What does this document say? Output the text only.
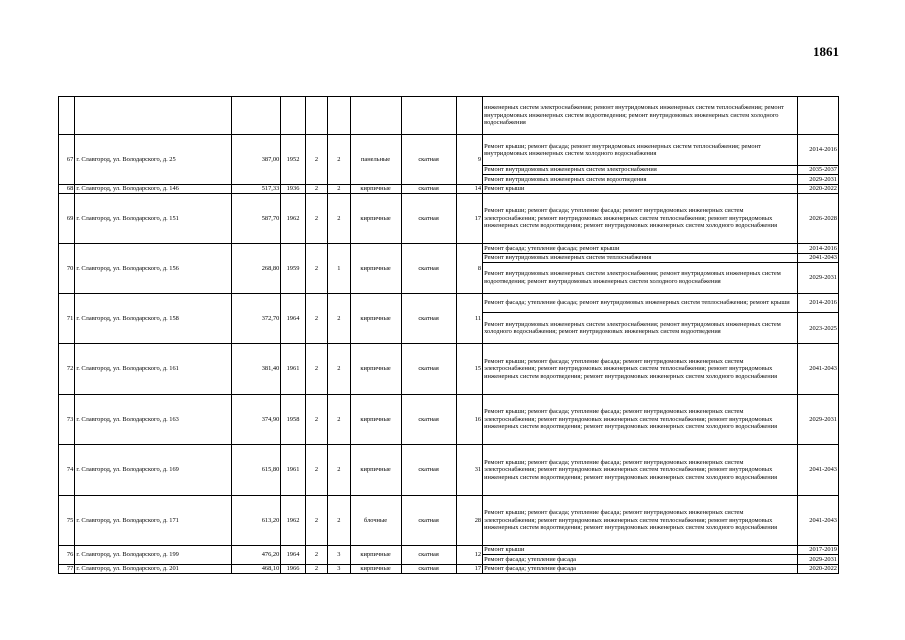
1861
									инженерных систем электроснабжения; ремонт внутридомовых инженерных систем теплоснабжения; ремонт внутридомовых инженерных систем водоотведения; ремонт внутридомовых инженерных систем холодного водоснабжения	
67	г. Славгород, ул. Володарского, д. 25	387,00	1952	2	2	панельные	скатная	9	Ремонт крыши; ремонт фасада; ремонт внутридомовых инженерных систем теплоснабжения; ремонт внутридомовых инженерных систем холодного водоснабжения	2014-2016
									Ремонт внутридомовых инженерных систем электроснабжения	2035-2037
									Ремонт внутридомовых инженерных систем водоотведения	2029-2031
68	г. Славгород, ул. Володарского, д. 146	517,33	1936	2	2	кирпичные	скатная	14	Ремонт крыши	2020-2022
69	г. Славгород, ул. Володарского, д. 151	587,70	1962	2	2	кирпичные	скатная	17	Ремонт крыши; ремонт фасада; утепление фасада; ремонт внутридомовых инженерных систем электроснабжения; ремонт внутридомовых инженерных систем теплоснабжения; ремонт внутридомовых инженерных систем водоотведения; ремонт внутридомовых инженерных систем холодного водоснабжения	2026-2028
70	г. Славгород, ул. Володарского, д. 156	268,80	1959	2	1	кирпичные	скатная	8	Ремонт фасада; утепление фасада; ремонт крыши	2014-2016
									Ремонт внутридомовых инженерных систем теплоснабжения	2041-2043
									Ремонт внутридомовых инженерных систем электроснабжения; ремонт внутридомовых инженерных систем водоотведения; ремонт внутридомовых инженерных систем холодного водоснабжения	2029-2031
71	г. Славгород, ул. Володарского, д. 158	372,70	1964	2	2	кирпичные	скатная	11	Ремонт фасада; утепление фасада; ремонт внутридомовых инженерных систем теплоснабжения; ремонт крыши	2014-2016
									Ремонт внутридомовых инженерных систем электроснабжения; ремонт внутридомовых инженерных систем холодного водоснабжения; ремонт внутридомовых инженерных систем водоотведения	2023-2025
72	г. Славгород, ул. Володарского, д. 161	381,40	1961	2	2	кирпичные	скатная	15	Ремонт крыши; ремонт фасада; утепление фасада; ремонт внутридомовых инженерных систем электроснабжения; ремонт внутридомовых инженерных систем теплоснабжения; ремонт внутридомовых инженерных систем водоотведения; ремонт внутридомовых инженерных систем холодного водоснабжения	2041-2043
73	г. Славгород, ул. Володарского, д. 163	374,90	1958	2	2	кирпичные	скатная	16	Ремонт крыши; ремонт фасада; утепление фасада; ремонт внутридомовых инженерных систем электроснабжения; ремонт внутридомовых инженерных систем теплоснабжения; ремонт внутридомовых инженерных систем водоотведения; ремонт внутридомовых инженерных систем холодного водоснабжения	2029-2031
74	г. Славгород, ул. Володарского, д. 169	615,80	1961	2	2	кирпичные	скатная	31	Ремонт крыши; ремонт фасада; утепление фасада; ремонт внутридомовых инженерных систем электроснабжения; ремонт внутридомовых инженерных систем теплоснабжения; ремонт внутридомовых инженерных систем водоотведения; ремонт внутридомовых инженерных систем холодного водоснабжения	2041-2043
75	г. Славгород, ул. Володарского, д. 171	613,20	1962	2	2	блочные	скатная	28	Ремонт крыши; ремонт фасада; утепление фасада; ремонт внутридомовых инженерных систем электроснабжения; ремонт внутридомовых инженерных систем теплоснабжения; ремонт внутридомовых инженерных систем водоотведения; ремонт внутридомовых инженерных систем холодного водоснабжения	2041-2043
76	г. Славгород, ул. Володарского, д. 199	476,20	1964	2	3	кирпичные	скатная	12	Ремонт крыши	2017-2019
									Ремонт фасада; утепление фасада	2029-2031
77	г. Славгород, ул. Володарского, д. 201	468,10	1966	2	3	кирпичные	скатная	17	Ремонт фасада; утепление фасада	2020-2022
